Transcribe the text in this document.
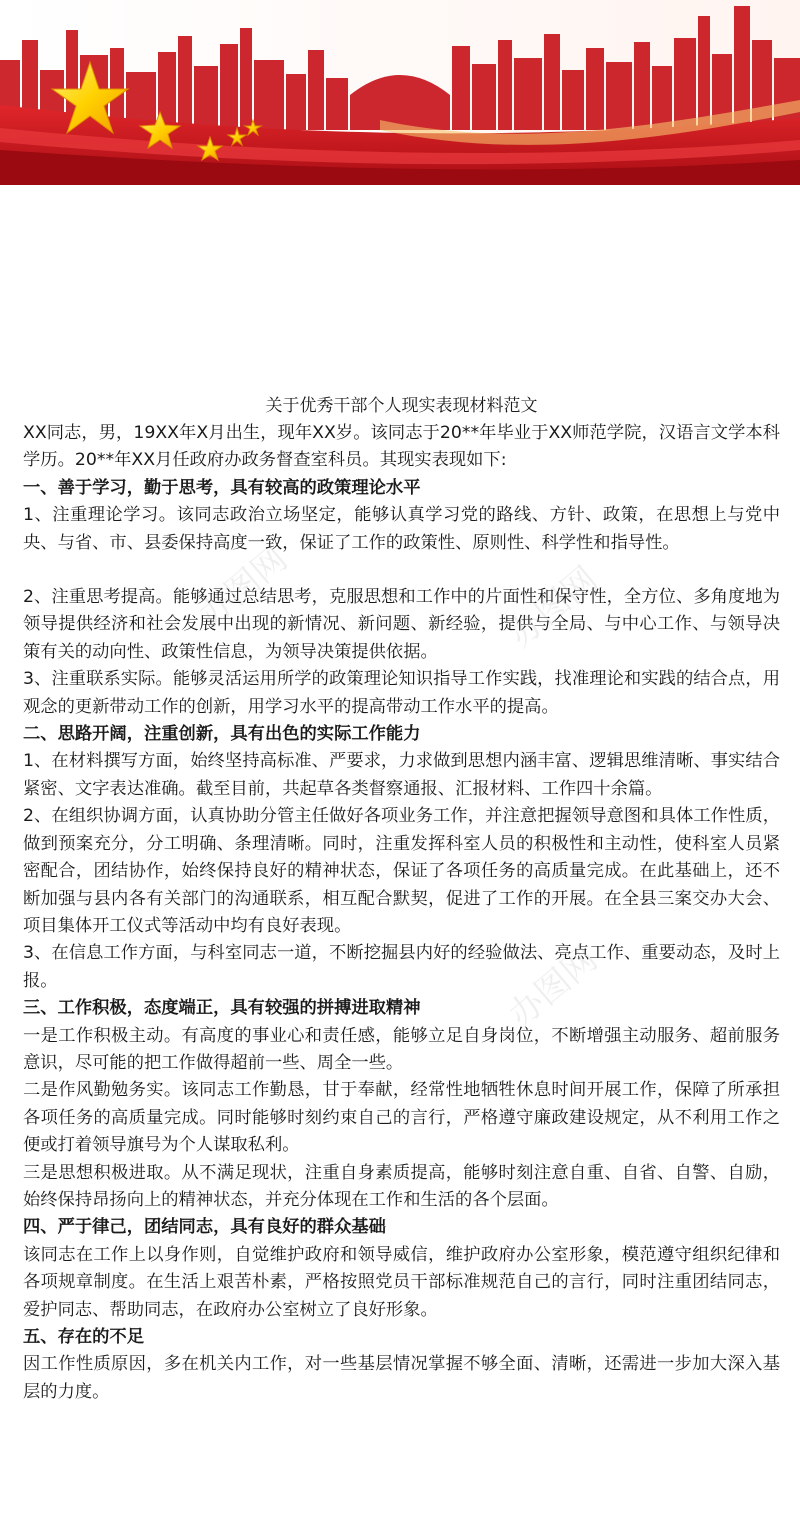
关于优秀干部个人现实表现材料范文
XX同志，男，19XX年X月出生，现年XX岁。该同志于20**年毕业于XX师范学院，汉语言文学本科学历。20**年XX月任政府办政务督查室科员。其现实表现如下:
一、善于学习，勤于思考，具有较高的政策理论水平
1、注重理论学习。该同志政治立场坚定，能够认真学习党的路线、方针、政策，在思想上与党中央、与省、市、县委保持高度一致，保证了工作的政策性、原则性、科学性和指导性。
2、注重思考提高。能够通过总结思考，克服思想和工作中的片面性和保守性，全方位、多角度地为领导提供经济和社会发展中出现的新情况、新问题、新经验，提供与全局、与中心工作、与领导决策有关的动向性、政策性信息，为领导决策提供依据。
3、注重联系实际。能够灵活运用所学的政策理论知识指导工作实践，找准理论和实践的结合点，用观念的更新带动工作的创新，用学习水平的提高带动工作水平的提高。
二、思路开阔，注重创新，具有出色的实际工作能力
1、在材料撰写方面，始终坚持高标准、严要求，力求做到思想内涵丰富、逻辑思维清晰、事实结合紧密、文字表达准确。截至目前，共起草各类督察通报、汇报材料、工作四十余篇。
2、在组织协调方面，认真协助分管主任做好各项业务工作，并注意把握领导意图和具体工作性质，做到预案充分，分工明确、条理清晰。同时，注重发挥科室人员的积极性和主动性，使科室人员紧密配合，团结协作，始终保持良好的精神状态，保证了各项任务的高质量完成。在此基础上，还不断加强与县内各有关部门的沟通联系，相互配合默契，促进了工作的开展。在全县三案交办大会、项目集体开工仪式等活动中均有良好表现。
3、在信息工作方面，与科室同志一道，不断挖掘县内好的经验做法、亮点工作、重要动态，及时上报。
三、工作积极，态度端正，具有较强的拼搏进取精神
一是工作积极主动。有高度的事业心和责任感，能够立足自身岗位，不断增强主动服务、超前服务意识，尽可能的把工作做得超前一些、周全一些。
二是作风勤勉务实。该同志工作勤恳，甘于奉献，经常性地牺牲休息时间开展工作，保障了所承担各项任务的高质量完成。同时能够时刻约束自己的言行，严格遵守廉政建设规定，从不利用工作之便或打着领导旗号为个人谋取私利。
三是思想积极进取。从不满足现状，注重自身素质提高，能够时刻注意自重、自省、自警、自励，始终保持昂扬向上的精神状态，并充分体现在工作和生活的各个层面。
四、严于律己，团结同志，具有良好的群众基础
该同志在工作上以身作则，自觉维护政府和领导威信，维护政府办公室形象，模范遵守组织纪律和各项规章制度。在生活上艰苦朴素，严格按照党员干部标准规范自己的言行，同时注重团结同志，爱护同志、帮助同志，在政府办公室树立了良好形象。
五、存在的不足
因工作性质原因，多在机关内工作，对一些基层情况掌握不够全面、清晰，还需进一步加大深入基层的力度。
办图网	办图网
办图网
